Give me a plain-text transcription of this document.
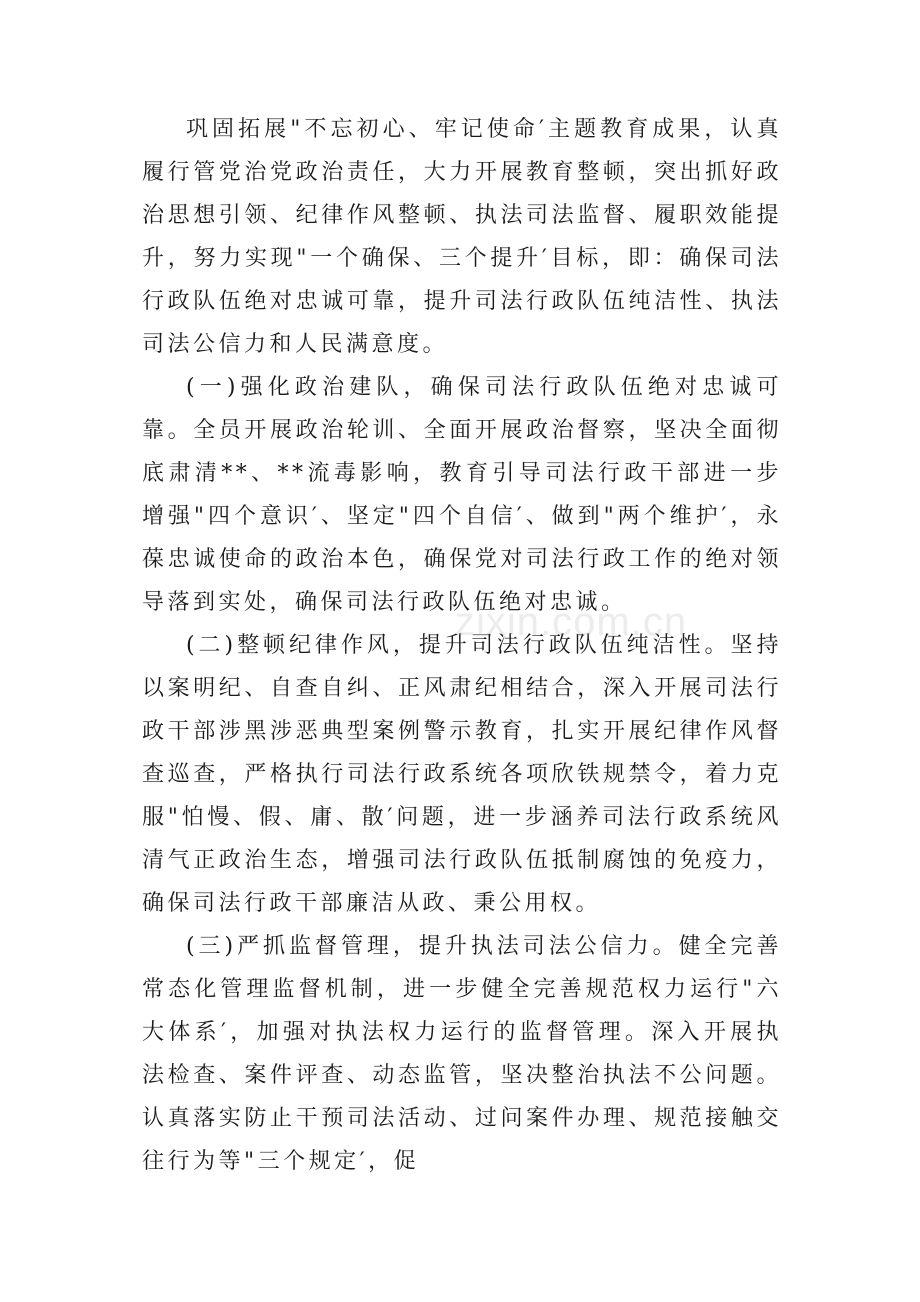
巩固拓展"不忘初心、牢记使命′主题教育成果，认真履行管党治党政治责任，大力开展教育整顿，突出抓好政治思想引领、纪律作风整顿、执法司法监督、履职效能提升，努力实现"一个确保、三个提升′目标，即：确保司法行政队伍绝对忠诚可靠，提升司法行政队伍纯洁性、执法司法公信力和人民满意度。

(一)强化政治建队，确保司法行政队伍绝对忠诚可靠。全员开展政治轮训、全面开展政治督察，坚决全面彻底肃清**、**流毒影响，教育引导司法行政干部进一步增强"四个意识′、坚定"四个自信′、做到"两个维护′，永葆忠诚使命的政治本色，确保党对司法行政工作的绝对领导落到实处，确保司法行政队伍绝对忠诚。

(二)整顿纪律作风，提升司法行政队伍纯洁性。坚持以案明纪、自查自纠、正风肃纪相结合，深入开展司法行政干部涉黑涉恶典型案例警示教育，扎实开展纪律作风督查巡查，严格执行司法行政系统各项欣铁规禁令，着力克服"怕慢、假、庸、散′问题，进一步涵养司法行政系统风清气正政治生态，增强司法行政队伍抵制腐蚀的免疫力，确保司法行政干部廉洁从政、秉公用权。

(三)严抓监督管理，提升执法司法公信力。健全完善常态化管理监督机制，进一步健全完善规范权力运行"六大体系′，加强对执法权力运行的监督管理。深入开展执法检查、案件评查、动态监管，坚决整治执法不公问题。认真落实防止干预司法活动、过问案件办理、规范接触交往行为等"三个规定′，促

zixin.com.cn
